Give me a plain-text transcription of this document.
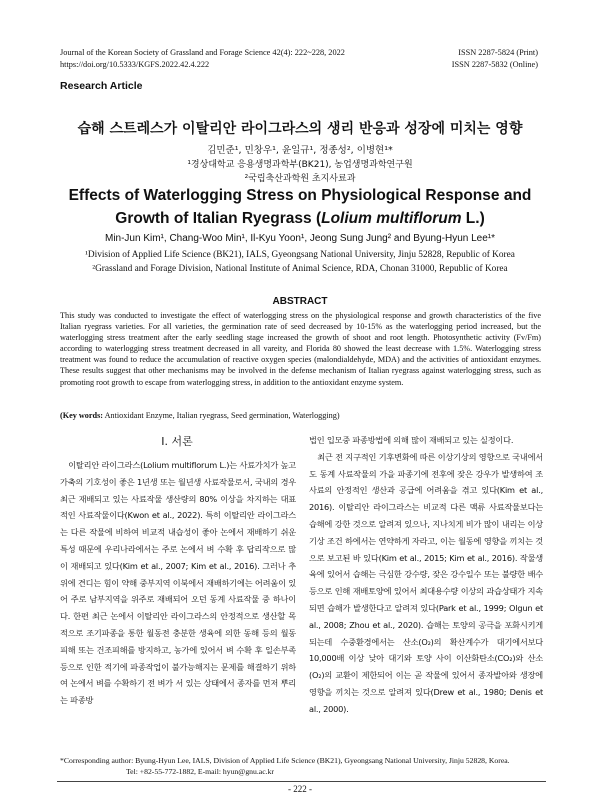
Journal of the Korean Society of Grassland and Forage Science 42(4): 222~228, 2022
https://doi.org/10.5333/KGFS.2022.42.4.222
ISSN 2287-5824 (Print)
ISSN 2287-5832 (Online)
Research Article
습해 스트레스가 이탈리안 라이그라스의 생리 반응과 성장에 미치는 영향
김민준¹, 민창우¹, 윤일규¹, 정종성², 이병현¹*
¹경상대학교 응용생명과학부(BK21), 농업생명과학연구원
²국립축산과학원 초지사료과
Effects of Waterlogging Stress on Physiological Response and Growth of Italian Ryegrass (Lolium multiflorum L.)
Min-Jun Kim¹, Chang-Woo Min¹, Il-Kyu Yoon¹, Jeong Sung Jung² and Byung-Hyun Lee¹*
¹Division of Applied Life Science (BK21), IALS, Gyeongsang National University, Jinju 52828, Republic of Korea
²Grassland and Forage Division, National Institute of Animal Science, RDA, Chonan 31000, Republic of Korea
ABSTRACT
This study was conducted to investigate the effect of waterlogging stress on the physiological response and growth characteristics of the five Italian ryegrass varieties. For all varieties, the germination rate of seed decreased by 10-15% as the waterlogging period increased, but the waterlogging stress treatment after the early seedling stage increased the growth of shoot and root length. Photosynthetic activity (Fv/Fm) according to waterlogging stress treatment decreased in all vareity, and Florida 80 showed the least decrease with 1.5%. Waterlogging stress treatment was found to reduce the accumulation of reactive oxygen species (malondialdehyde, MDA) and the activities of antioxidant enzymes. These results suggest that other mechanisms may be involved in the defense mechanism of Italian ryegrass against waterlogging stress, such as promoting root growth to escape from waterlogging stress, in addition to the antioxidant enzyme system.
(Key words: Antioxidant Enzyme, Italian ryegrass, Seed germination, Waterlogging)
Ⅰ. 서론

이탈리안 라이그라스(Lolium multiflorum L.)는 사료가치가 높고 가축의 기호성이 좋은 1년생 또는 월년생 사료작물로서, 국내의 경우 최근 재배되고 있는 사료작물 생산량의 80% 이상을 차지하는 대표적인 사료작물이다(Kwon et al., 2022). 특히 이탈리안 라이그라스는 다른 작물에 비하여 비교적 내습성이 좋아 논에서 재배하기 쉬운 특성 때문에 우리나라에서는 주로 논에서 벼 수확 후 답리작으로 많이 재배되고 있다(Kim et al., 2007; Kim et al., 2016). 그러나 추위에 견디는 힘이 약해 중부지역 이북에서 재배하기에는 어려움이 있어 주로 남부지역을 위주로 재배되어 오던 동계 사료작물 중 하나이다. 한편 최근 논에서 이탈리안 라이그라스의 안정적으로 생산할 목적으로 조기파종을 통한 월동전 충분한 생육에 의한 동해 등의 월동피해 또는 건조피해를 방지하고, 농가에 있어서 벼 수확 후 일손부족 등으로 인한 적기에 파종작업이 불가능해지는 문제를 해결하기 위하여 논에서 벼를 수확하기 전 벼가 서 있는 상태에서 종자를 먼저 뿌리는 파종방

법인 입모중 파종방법에 의해 많이 재배되고 있는 실정이다.

최근 전 지구적인 기후변화에 따른 이상기상의 영향으로 국내에서도 동계 사료작물의 가을 파종기에 전후에 잦은 강우가 발생하여 조사료의 안정적인 생산과 공급에 어려움을 겪고 있다(Kim et al., 2016). 이탈리안 라이그라스는 비교적 다른 맥류 사료작물보다는 습해에 강한 것으로 알려져 있으나, 지나치게 비가 많이 내리는 이상기상 조건 하에서는 연약하게 자라고, 이는 월동에 영향을 끼치는 것으로 보고된 바 있다(Kim et al., 2015; Kim et al., 2016). 작물생육에 있어서 습해는 극심한 강수량, 잦은 강수일수 또는 불량한 배수 등으로 인해 재배토양에 있어서 최대용수량 이상의 과습상태가 지속되면 습해가 발생한다고 알려져 있다(Park et al., 1999; Olgun et al., 2008; Zhou et al., 2020). 습해는 토양의 공극을 포화시키게 되는데 수중환경에서는 산소(O₂)의 확산계수가 대기에서보다 10,000배 이상 낮아 대기와 토양 사이 이산화탄소(CO₂)와 산소(O₂)의 교환이 제한되어 이는 곧 작물에 있어서 종자발아와 생장에 영향을 끼치는 것으로 알려져 있다(Drew et al., 1980; Denis et al., 2000).

*Corresponding author: Byung-Hyun Lee, IALS, Division of Applied Life Science (BK21), Gyeongsang National University, Jinju 52828, Korea.
Tel: +82-55-772-1882, E-mail: hyun@gnu.ac.kr
- 222 -
